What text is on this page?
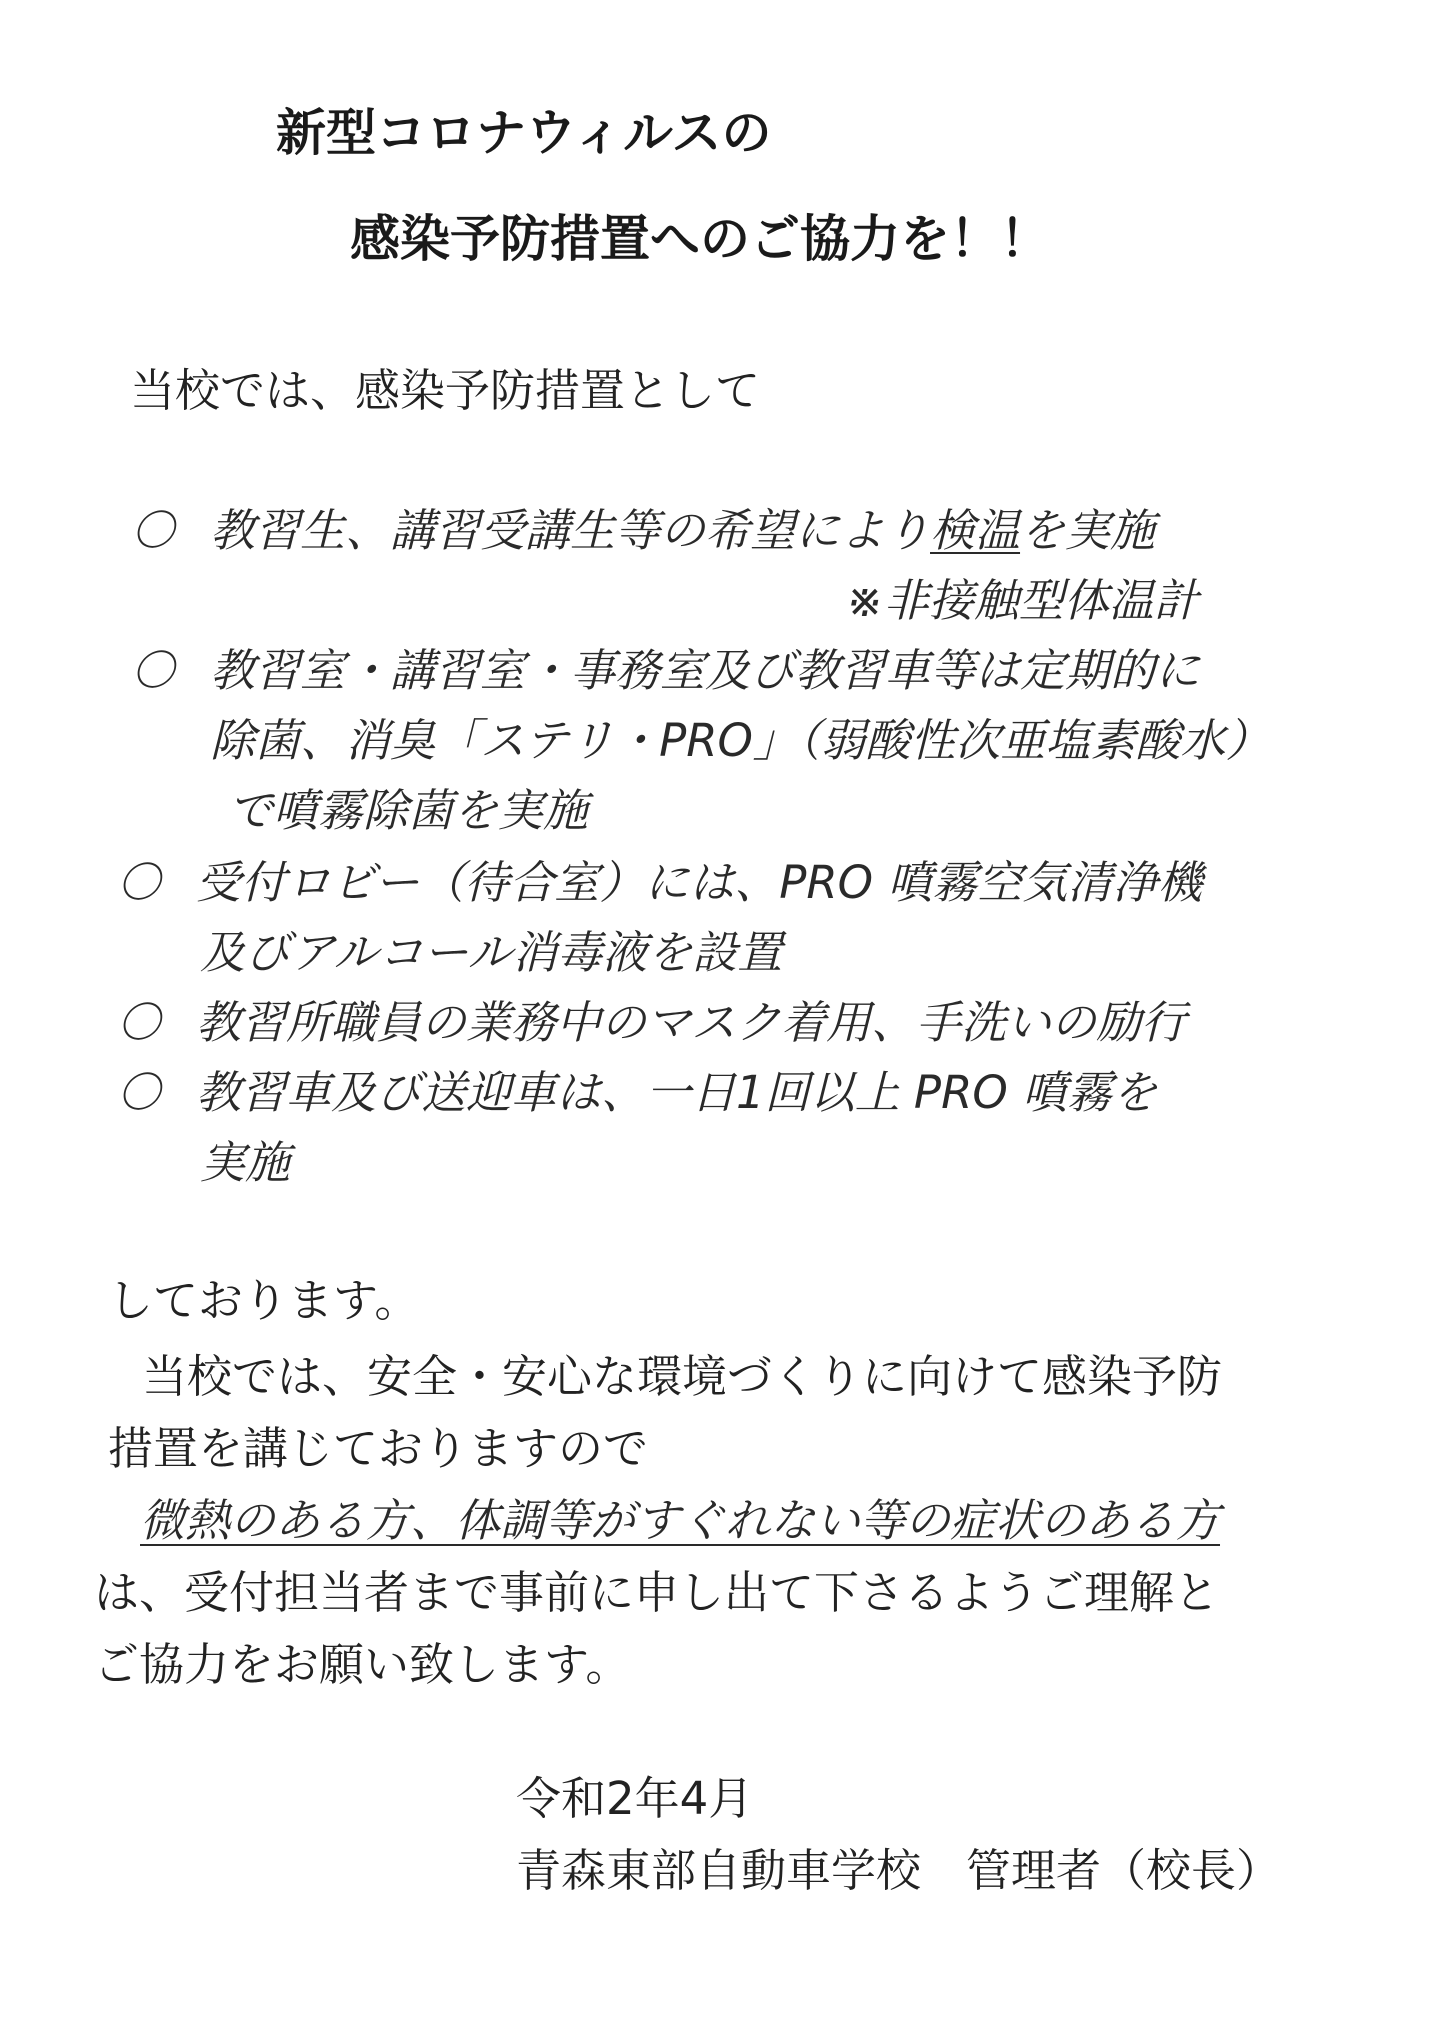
新型コロナウィルスの
感染予防措置へのご協力を！！
当校では、感染予防措置として
〇 教習生、講習受講生等の希望により検温を実施
※非接触型体温計
〇 教習室・講習室・事務室及び教習車等は定期的に
除菌、消臭「ステリ・PRO」（弱酸性次亜塩素酸水）
で噴霧除菌を実施
〇 受付ロビー（待合室）には、PRO 噴霧空気清浄機
及びアルコール消毒液を設置
〇 教習所職員の業務中のマスク着用、手洗いの励行
〇 教習車及び送迎車は、一日1回以上 PRO 噴霧を
実施
しております。
当校では、安全・安心な環境づくりに向けて感染予防
措置を講じておりますので
微熱のある方、体調等がすぐれない等の症状のある方
は、受付担当者まで事前に申し出て下さるようご理解と
ご協力をお願い致します。
令和2年4月
青森東部自動車学校　管理者（校長）
